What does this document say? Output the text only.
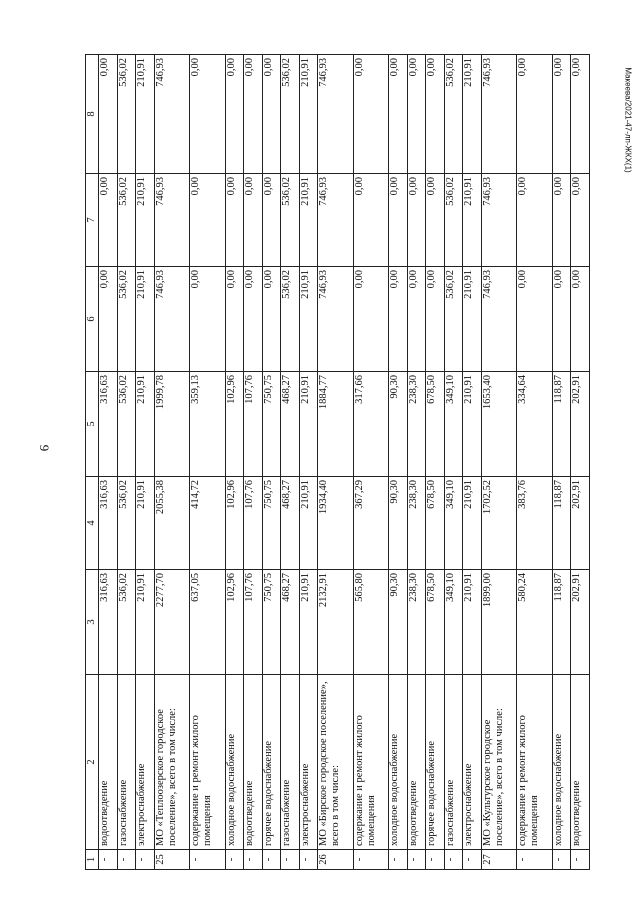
9
Макеева/2021-47-лп-ЖКХ(1)
1	2	3	4	5	6	7	8
-	водоотведение	316,63	316,63	316,63	0,00	0,00	0,00
-	газоснабжение	536,02	536,02	536,02	536,02	536,02	536,02
-	электроснабжение	210,91	210,91	210,91	210,91	210,91	210,91
25	МО «Теплоозерское городское поселение», всего в том числе:	2277,70	2055,38	1999,78	746,93	746,93	746,93
-	содержание и ремонт жилого помещения	637,05	414,72	359,13	0,00	0,00	0,00
-	холодное водоснабжение	102,96	102,96	102,96	0,00	0,00	0,00
-	водоотведение	107,76	107,76	107,76	0,00	0,00	0,00
-	горячее водоснабжение	750,75	750,75	750,75	0,00	0,00	0,00
-	газоснабжение	468,27	468,27	468,27	536,02	536,02	536,02
-	электроснабжение	210,91	210,91	210,91	210,91	210,91	210,91
26	МО «Бирское городское поселение», всего в том числе:	2132,91	1934,40	1884,77	746,93	746,93	746,93
-	содержание и ремонт жилого помещения	565,80	367,29	317,66	0,00	0,00	0,00
-	холодное водоснабжение	90,30	90,30	90,30	0,00	0,00	0,00
-	водоотведение	238,30	238,30	238,30	0,00	0,00	0,00
-	горячее водоснабжение	678,50	678,50	678,50	0,00	0,00	0,00
-	газоснабжение	349,10	349,10	349,10	536,02	536,02	536,02
-	электроснабжение	210,91	210,91	210,91	210,91	210,91	210,91
27	МО «Культурское городское поселение», всего в том числе:	1899,00	1702,52	1653,40	746,93	746,93	746,93
-	содержание и ремонт жилого помещения	580,24	383,76	334,64	0,00	0,00	0,00
-	холодное водоснабжение	118,87	118,87	118,87	0,00	0,00	0,00
-	водоотведение	202,91	202,91	202,91	0,00	0,00	0,00
